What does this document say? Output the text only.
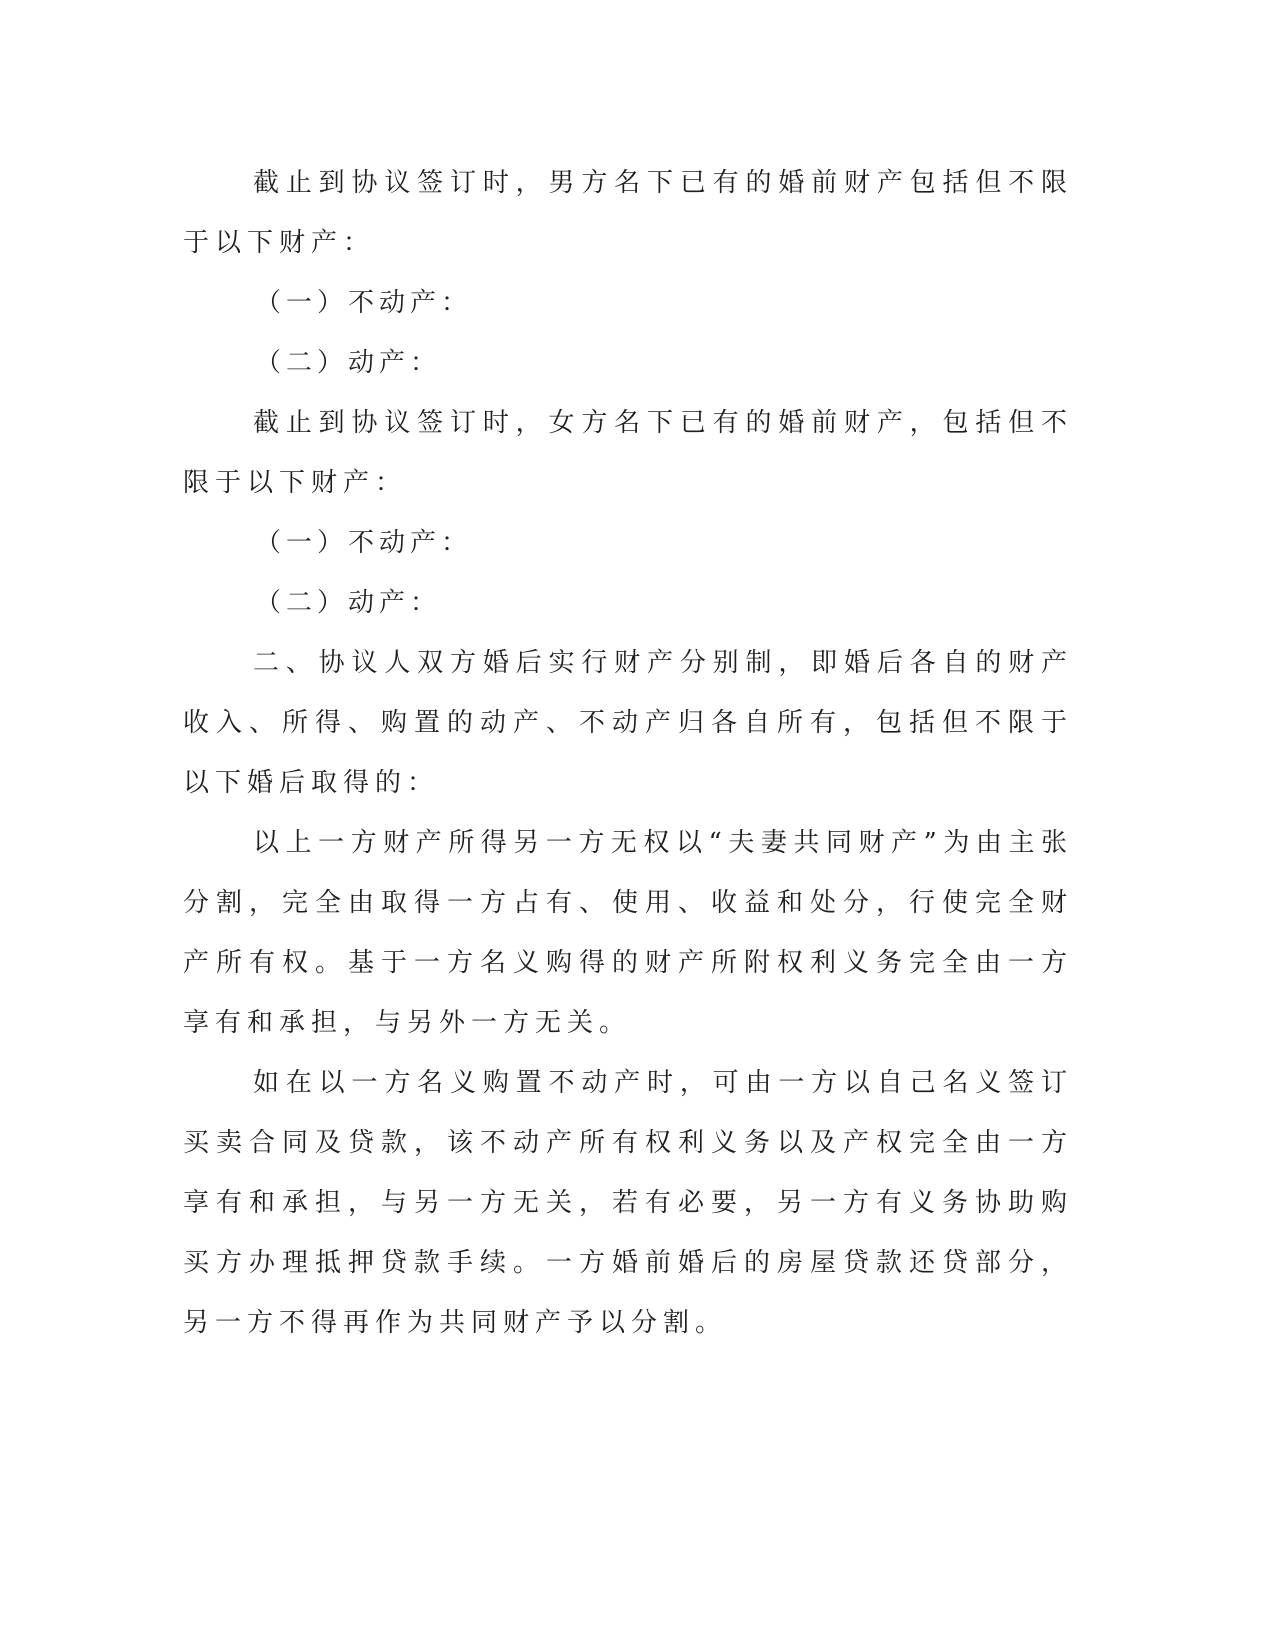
截止到协议签订时，男方名下已有的婚前财产包括但不限于以下财产：

（一）不动产：

（二）动产：

截止到协议签订时，女方名下已有的婚前财产，包括但不限于以下财产：

（一）不动产：

（二）动产：

二、协议人双方婚后实行财产分别制，即婚后各自的财产收入、所得、购置的动产、不动产归各自所有，包括但不限于以下婚后取得的：

以上一方财产所得另一方无权以“夫妻共同财产”为由主张分割，完全由取得一方占有、使用、收益和处分，行使完全财产所有权。基于一方名义购得的财产所附权利义务完全由一方享有和承担，与另外一方无关。

如在以一方名义购置不动产时，可由一方以自己名义签订买卖合同及贷款，该不动产所有权利义务以及产权完全由一方享有和承担，与另一方无关，若有必要，另一方有义务协助购买方办理抵押贷款手续。一方婚前婚后的房屋贷款还贷部分，另一方不得再作为共同财产予以分割。
